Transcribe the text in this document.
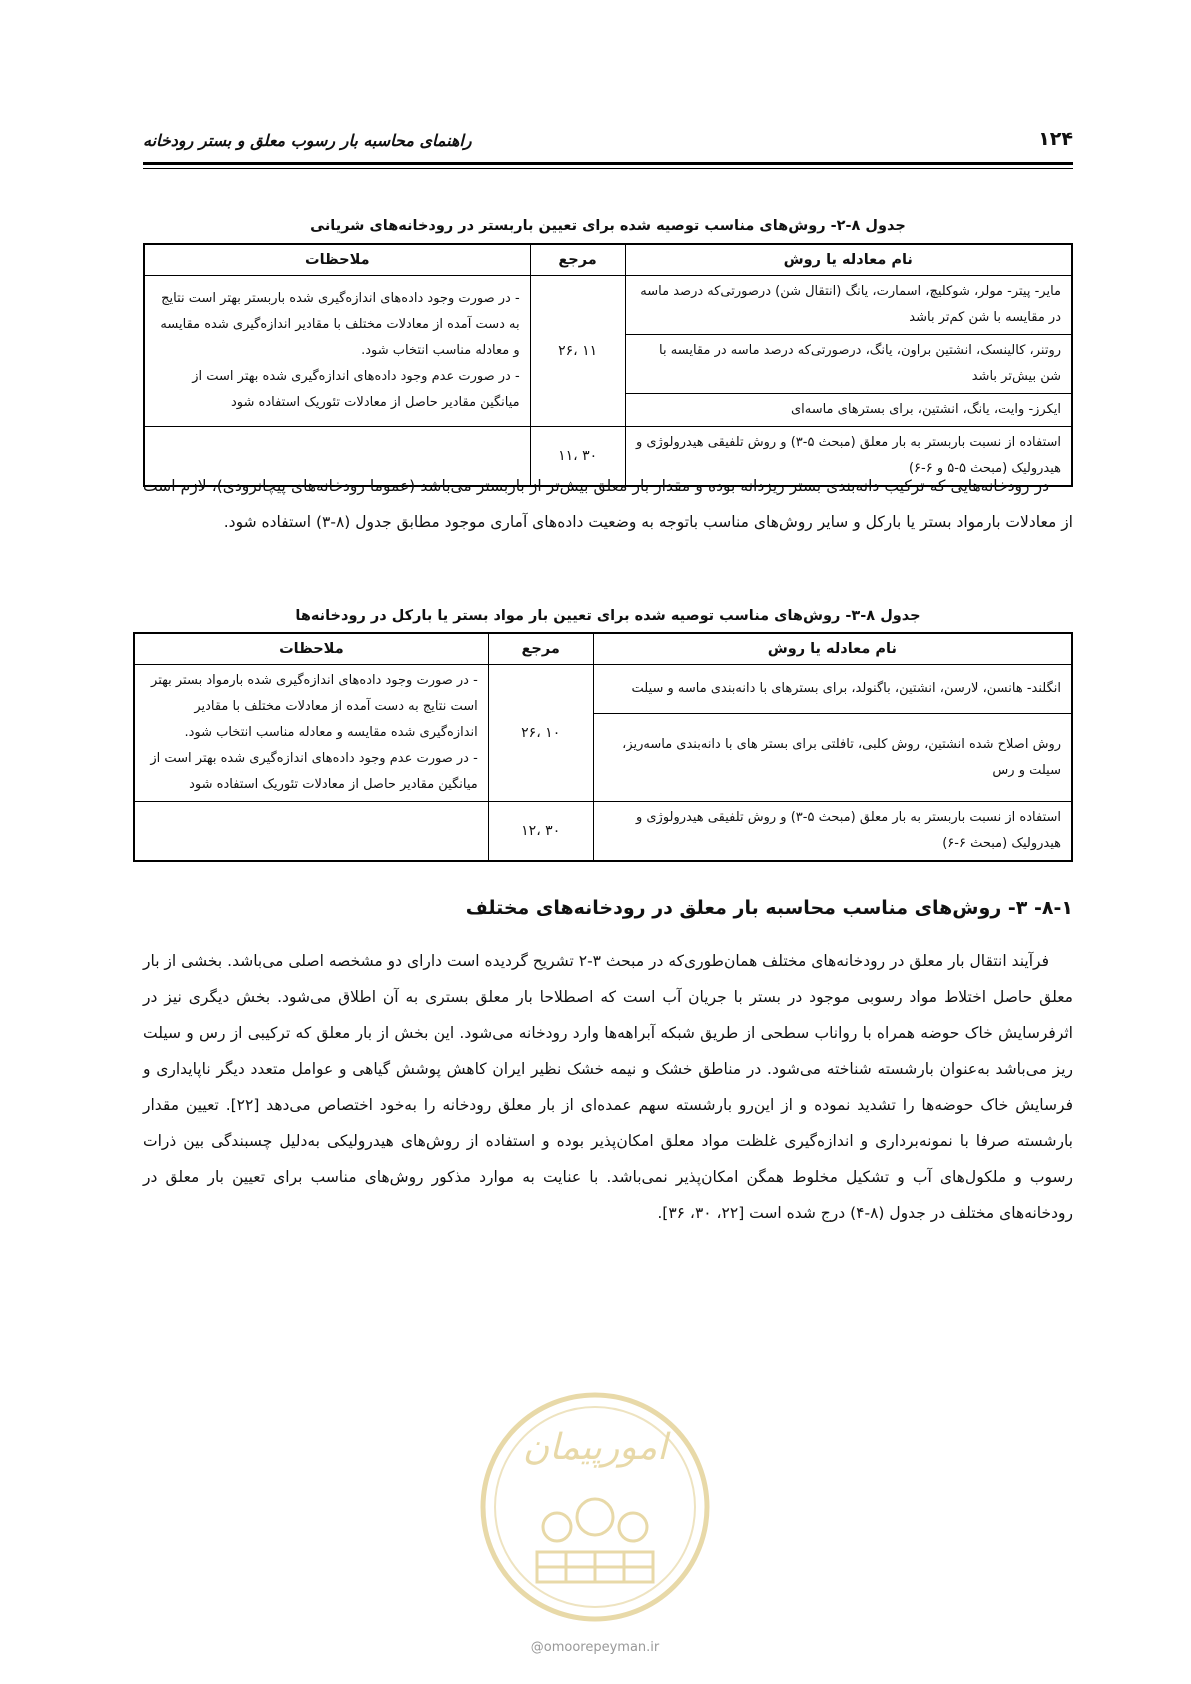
۱۲۴
راهنمای محاسبه بار رسوب معلق و بستر رودخانه
جدول ۸-۲- روش‌های مناسب توصیه شده برای تعیین باربستر در رودخانه‌های شریانی
نام معادله یا روش	مرجع	ملاحظات
مایر- پیتر- مولر، شوکلیچ، اسمارت، یانگ (انتقال شن) درصورتی‌که درصد ماسه در مقایسه با شن کم‌تر باشد	۱۱ ،۲۶	- در صورت وجود داده‌های اندازه‌گیری شده باربستر بهتر است نتایج به دست آمده از معادلات مختلف با مقادیر اندازه‌گیری شده مقایسه و معادله مناسب انتخاب شود.
- در صورت عدم وجود داده‌های اندازه‌گیری شده بهتر است از میانگین مقادیر حاصل از معادلات تئوریک استفاده شود

روتنر، کالینسک، انشتین براون، یانگ، درصورتی‌که درصد ماسه در مقایسه با شن بیش‌تر باشد		
ایکرز- وایت، یانگ، انشتین، برای بسترهای ماسه‌ای		
استفاده از نسبت باربستر به بار معلق (مبحث ۵-۳) و روش تلفیقی هیدرولوژی و هیدرولیک (مبحث ۵-۵ و ۶-۶)	۳۰ ،۱۱	
در رودخانه‌هایی که ترکیب دانه‌بندی بستر ریزدانه بوده و مقدار بار معلق بیش‌تر از باربستر می‌باشد (عموما رودخانه‌های پیچانرودی)، لازم است از معادلات بارمواد بستر یا بارکل و سایر روش‌های مناسب باتوجه به وضعیت داده‌های آماری موجود مطابق جدول (۸-۳) استفاده شود.
جدول ۸-۳- روش‌های مناسب توصیه شده برای تعیین بار مواد بستر یا بارکل در رودخانه‌ها
نام معادله یا روش	مرجع	ملاحظات
انگلند- هانسن، لارسن، انشتین، باگنولد، برای بسترهای با دانه‌بندی ماسه و سیلت	۱۰ ،۲۶	- در صورت وجود داده‌های اندازه‌گیری شده بارمواد بستر بهتر است نتایج به دست آمده از معادلات مختلف با مقادیر اندازه‌گیری شده مقایسه و معادله مناسب انتخاب شود.
- در صورت عدم وجود داده‌های اندازه‌گیری شده بهتر است از میانگین مقادیر حاصل از معادلات تئوریک استفاده شود

روش اصلاح شده انشتین، روش کلبی، تافلتی برای بستر های با دانه‌بندی ماسه‌ریز، سیلت و رس		
استفاده از نسبت باربستر به بار معلق (مبحث ۵-۳) و روش تلفیقی هیدرولوژی و هیدرولیک (مبحث ۶-۶)	۳۰ ،۱۲	
۸-۱- ۳- روش‌های مناسب محاسبه بار معلق در رودخانه‌های مختلف
فرآیند انتقال بار معلق در رودخانه‌های مختلف همان‌طوری‌که در مبحث ۳-۲ تشریح گردیده است دارای دو مشخصه اصلی می‌باشد. بخشی از بار معلق حاصل اختلاط مواد رسوبی موجود در بستر با جریان آب است که اصطلاحا بار معلق بستری به آن اطلاق می‌شود. بخش دیگری نیز در اثرفرسایش خاک حوضه همراه با رواناب سطحی از طریق شبکه آبراهه‌ها وارد رودخانه می‌شود. این بخش از بار معلق که ترکیبی از رس و سیلت ریز می‌باشد به‌عنوان بارشسته شناخته می‌شود. در مناطق خشک و نیمه خشک نظیر ایران کاهش پوشش گیاهی و عوامل متعدد دیگر ناپایداری و فرسایش خاک حوضه‌ها را تشدید نموده و از این‌رو بارشسته سهم عمده‌ای از بار معلق رودخانه را به‌خود اختصاص می‌دهد [۲۲]. تعیین مقدار بارشسته صرفا با نمونه‌برداری و اندازه‌گیری غلظت مواد معلق امکان‌پذیر بوده و استفاده از روش‌های هیدرولیکی به‌دلیل چسبندگی بین ذرات رسوب و ملکول‌های آب و تشکیل مخلوط همگن امکان‌پذیر نمی‌باشد. با عنایت به موارد مذکور روش‌های مناسب برای تعیین بار معلق در رودخانه‌های مختلف در جدول (۸-۴) درج شده است [۲۲، ۳۰، ۳۶].
امورپیمان
@omoorepeyman.ir
